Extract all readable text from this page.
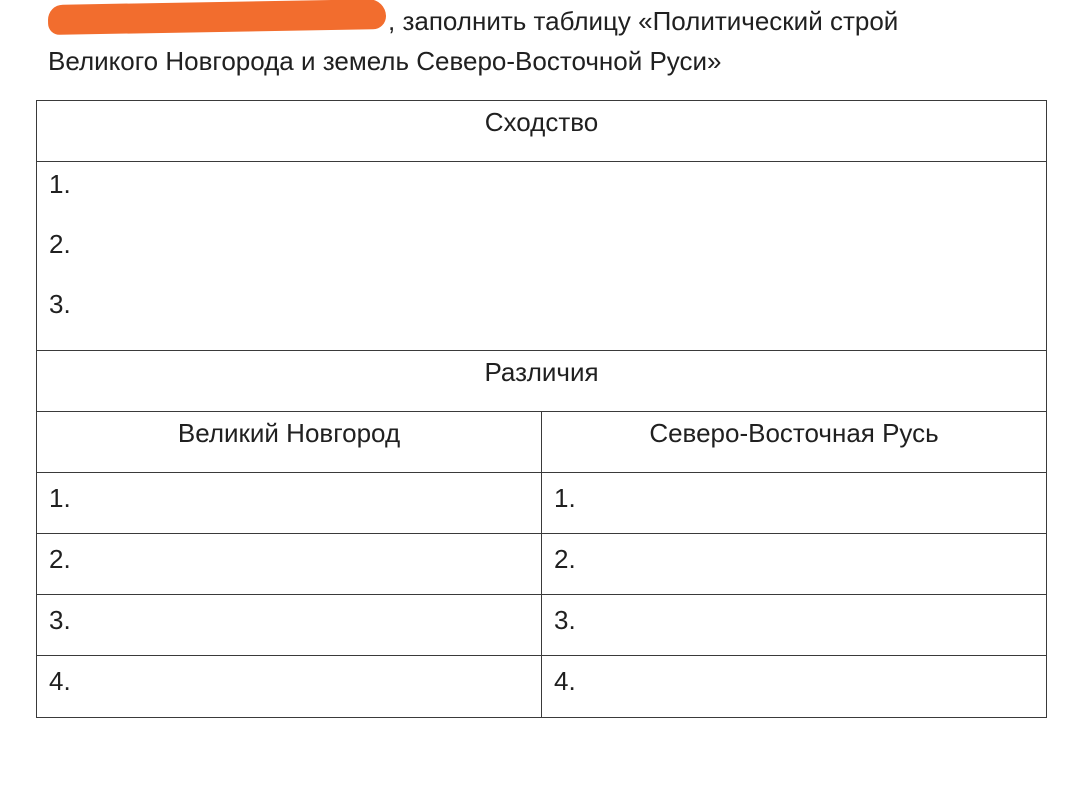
, заполнить таблицу «Политический строй
Великого Новгорода и земель Северо-Восточной Руси»
Сходство	

1.
2.
3.	

Различия	
Великий Новгород	Северо-Восточная Русь
1.	1.
2.	2.
3.	3.
4.	4.
